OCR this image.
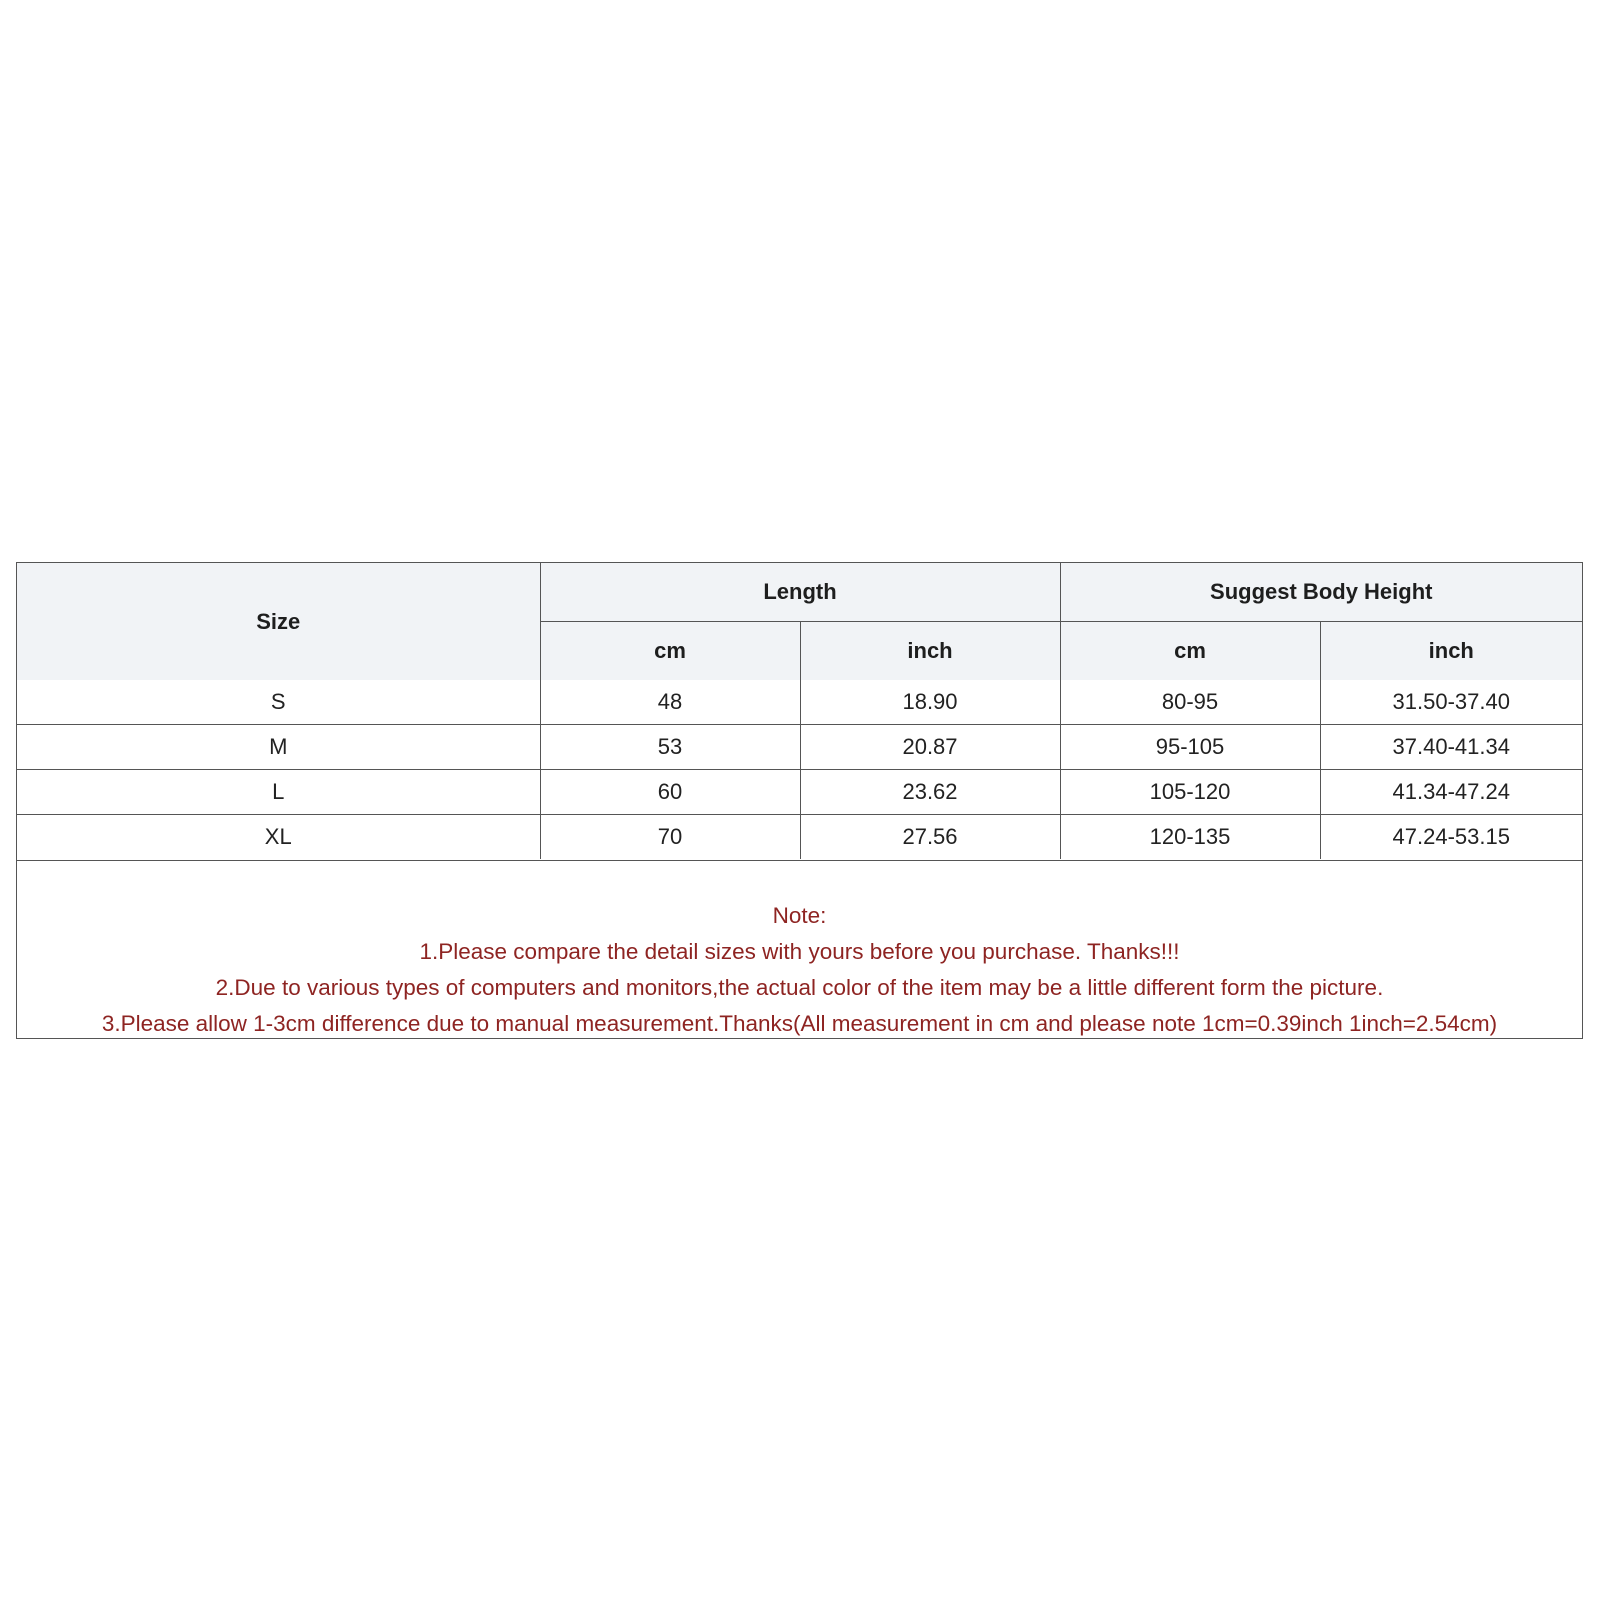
Size	Length		Suggest Body Height	
	cm	inch	cm	inch
S	48	18.90	80-95	31.50-37.40
M	53	20.87	95-105	37.40-41.34
L	60	23.62	105-120	41.34-47.24
XL	70	27.56	120-135	47.24-53.15
Note:
1.Please compare the detail sizes with yours before you purchase. Thanks!!!
2.Due to various types of computers and monitors,the actual color of the item may be a little different form the picture.
3.Please allow 1-3cm difference due to manual measurement.Thanks(All measurement in cm and please note 1cm=0.39inch 1inch=2.54cm)
